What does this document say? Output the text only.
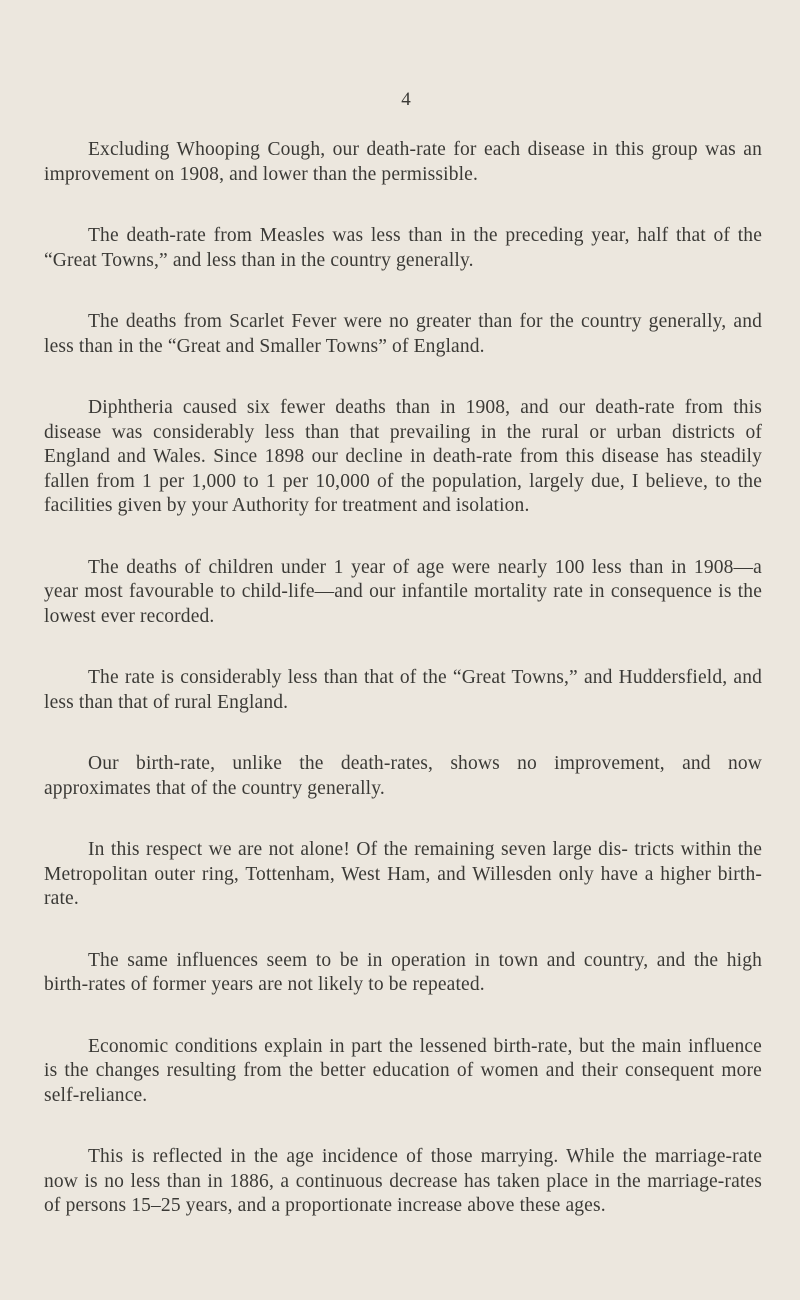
4

Excluding Whooping Cough, our death-rate for each disease in this group was an improvement on 1908, and lower than the permissible.

The death-rate from Measles was less than in the preceding year, half that of the “Great Towns,” and less than in the country generally.

The deaths from Scarlet Fever were no greater than for the country generally, and less than in the “Great and Smaller Towns” of England.

Diphtheria caused six fewer deaths than in 1908, and our death-rate from this disease was considerably less than that prevailing in the rural or urban districts of England and Wales. Since 1898 our decline in death-rate from this disease has steadily fallen from 1 per 1,000 to 1 per 10,000 of the population, largely due, I believe, to the facilities given by your Authority for treatment and isolation.

The deaths of children under 1 year of age were nearly 100 less than in 1908—a year most favourable to child-life—and our infantile mortality rate in consequence is the lowest ever recorded.

The rate is considerably less than that of the “Great Towns,” and Huddersfield, and less than that of rural England.

Our birth-rate, unlike the death-rates, shows no improvement, and now approximates that of the country generally.

In this respect we are not alone! Of the remaining seven large dis- tricts within the Metropolitan outer ring, Tottenham, West Ham, and Willesden only have a higher birth-rate.

The same influences seem to be in operation in town and country, and the high birth-rates of former years are not likely to be repeated.

Economic conditions explain in part the lessened birth-rate, but the main influence is the changes resulting from the better education of women and their consequent more self-reliance.

This is reflected in the age incidence of those marrying. While the marriage-rate now is no less than in 1886, a continuous decrease has taken place in the marriage-rates of persons 15–25 years, and a proportionate increase above these ages.
